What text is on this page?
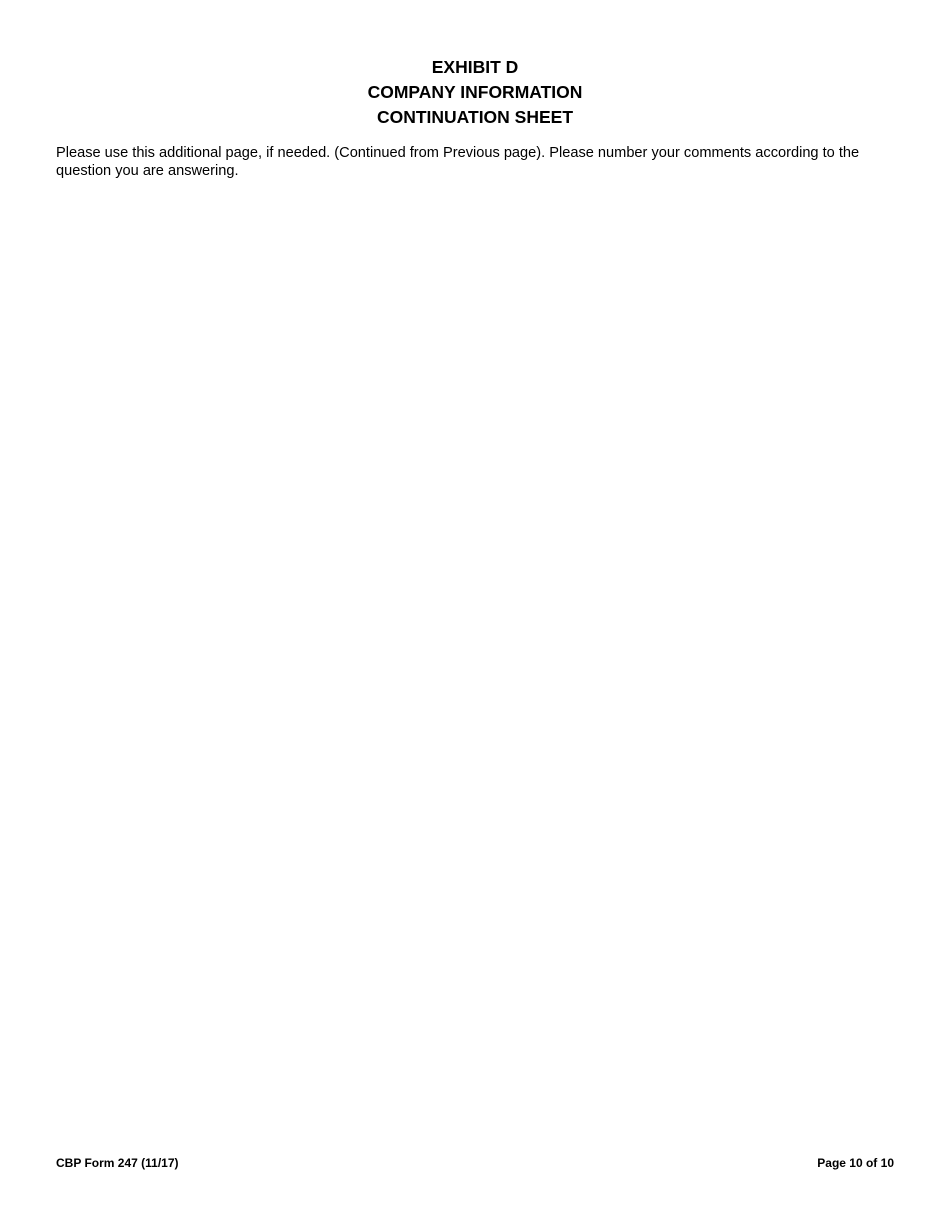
EXHIBIT D
COMPANY INFORMATION
CONTINUATION SHEET
Please use this additional page, if needed. (Continued from Previous page). Please number your comments according to the question you are answering.
CBP Form 247 (11/17)	Page 10 of 10
